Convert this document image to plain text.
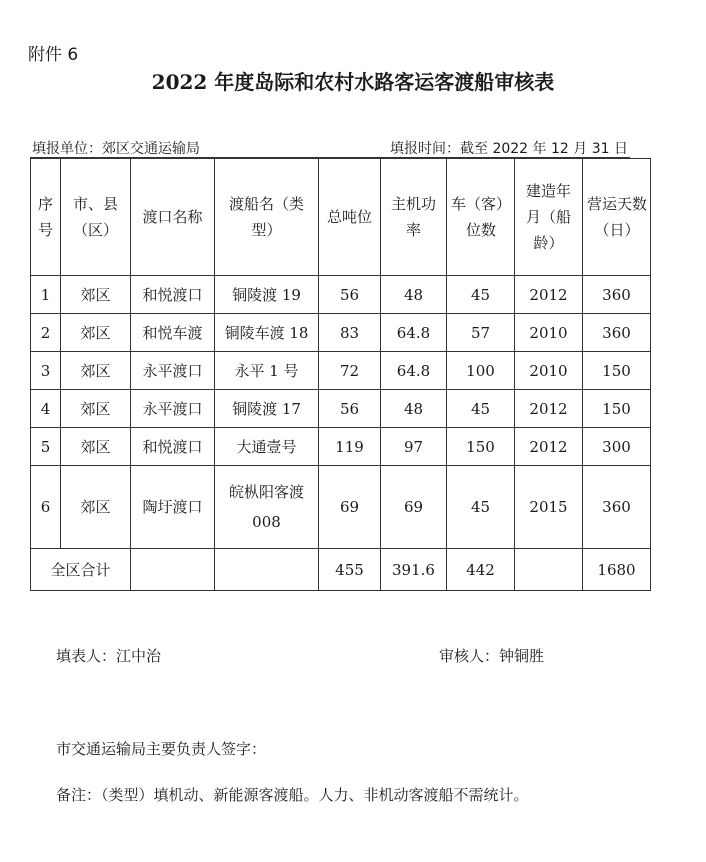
附件 6
2022 年度岛际和农村水路客运客渡船审核表
填报单位：郊区交通运输局	填报时间：截至 2022 年 12 月 31 日
序号	市、县（区）	渡口名称	渡船名（类型）	总吨位	主机功率	车（客）位数	建造年月（船龄）	营运天数（日）
1	郊区	和悦渡口	铜陵渡 19	56	48	45	2012	360
2	郊区	和悦车渡	铜陵车渡 18	83	64.8	57	2010	360
3	郊区	永平渡口	永平 1 号	72	64.8	100	2010	150
4	郊区	永平渡口	铜陵渡 17	56	48	45	2012	150
5	郊区	和悦渡口	大通壹号	119	97	150	2012	300
6	郊区	陶圩渡口	皖枞阳客渡 008	69	69	45	2015	360
全区合计				455	391.6	442		1680
填表人：江中治	审核人：钟铜胜
市交通运输局主要负责人签字：
备注：（类型）填机动、新能源客渡船。人力、非机动客渡船不需统计。
